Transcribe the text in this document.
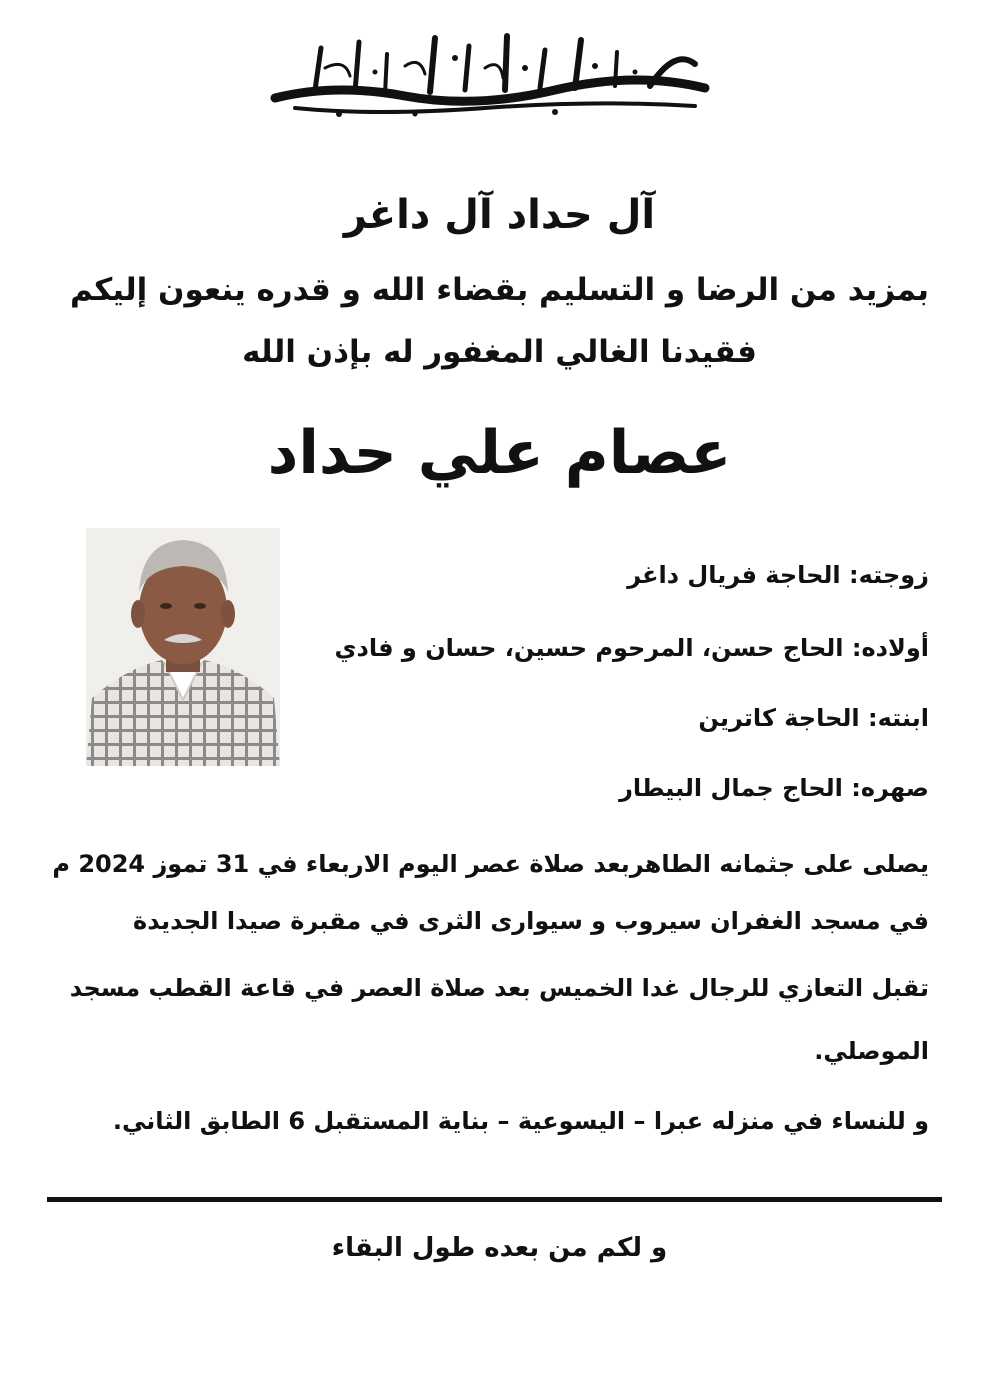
آل حداد آل داغر
بمزيد من الرضا و التسليم بقضاء الله و قدره ينعون إليكم
فقيدنا الغالي المغفور له بإذن الله
عصام علي حداد
زوجته: الحاجة فريال داغر
أولاده: الحاج حسن، المرحوم حسين، حسان و فادي
ابنته: الحاجة كاترين
صهره: الحاج جمال البيطار
يصلى على جثمانه الطاهربعد صلاة عصر اليوم الاربعاء في 31 تموز 2024 م
في مسجد الغفران سيروب و سيوارى الثرى في مقبرة صيدا الجديدة
تقبل التعازي للرجال غدا الخميس بعد صلاة العصر في قاعة القطب مسجد
الموصلي.
و للنساء في منزله عبرا – اليسوعية – بناية المستقبل 6 الطابق الثاني.
و لكم من بعده طول البقاء
